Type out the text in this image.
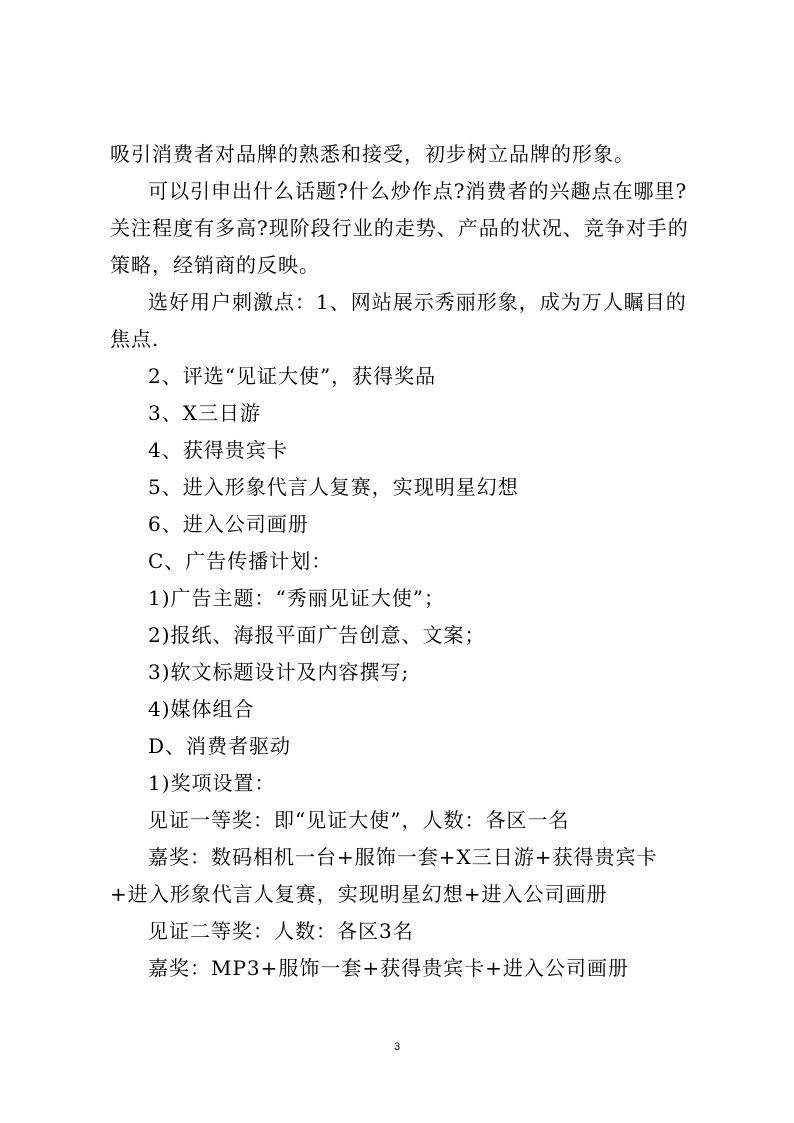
吸引消费者对品牌的熟悉和接受，初步树立品牌的形象。

可以引申出什么话题?什么炒作点?消费者的兴趣点在哪里?关注程度有多高?现阶段行业的走势、产品的状况、竞争对手的策略，经销商的反映。

选好用户刺激点：1、网站展示秀丽形象，成为万人瞩目的焦点.

2、评选“见证大使”，获得奖品

3、X三日游

4、获得贵宾卡

5、进入形象代言人复赛，实现明星幻想

6、进入公司画册

C、广告传播计划：

1)广告主题：“秀丽见证大使”；

2)报纸、海报平面广告创意、文案；

3)软文标题设计及内容撰写;

4)媒体组合

D、消费者驱动

1)奖项设置：

见证一等奖：即“见证大使”，人数：各区一名

嘉奖：数码相机一台+服饰一套+X三日游+获得贵宾卡+进入形象代言人复赛，实现明星幻想+进入公司画册

见证二等奖：人数：各区3名

嘉奖：MP3+服饰一套+获得贵宾卡+进入公司画册

3
